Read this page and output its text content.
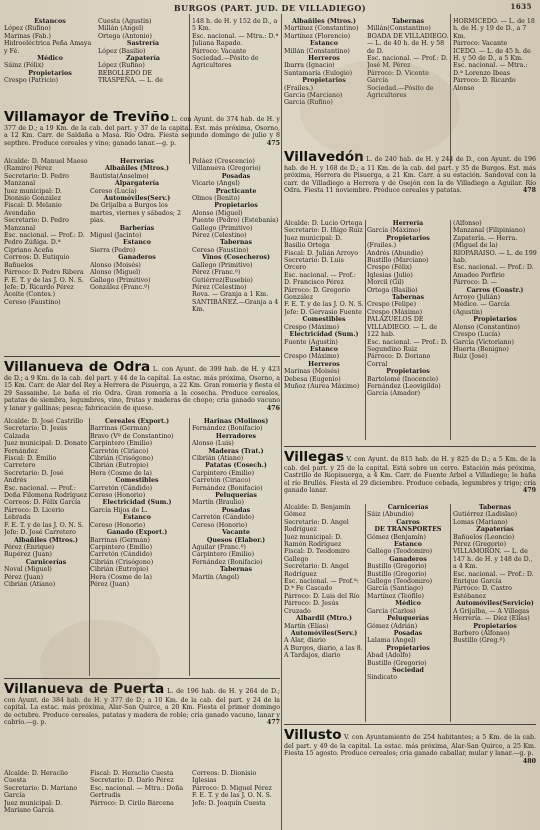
BURGOS (PART. JUD. DE VILLADIEGO)	1635
Estancos
López (Rufino)
Marinas (Fab.)
Hidroeléctrica Peña Amaya y Fé.
Médico
Sáinz (Félix)
Propietarios
Crespo (Patricio)
Cuesta (Agustín)
Millán (Angel)
Ortega (Antonio)
Sastrería
López (Basilio)
Zapatería
López (Rufino)
REBOLLEDO DE TRASPEÑA. — L. de
148 h. de H. y 152 de D., a 5 Km.
Esc. nacional. — Mtra.: D.ª Juliana Rapado.
Párroco: Vacante
Sociedad.—Pósito de Agricultores
Albañiles (Mtros.)
Martínez (Constantino)
Martínez (Florencio)
Estanco
Millán (Constantino)
Herreros
Ibarra (Ignacio)
Santamaría (Eulogio)
Propietarios
(Frailes.)
García (Marciano)
García (Rufino)
Tabernas
Millán(Constantino)
BOADA DE VILLADIEGO. — L. de 40 h. de H. y 58 de D.
Esc. nacional. — Prof.: D. José M. Pérez
Párroco: D. Vicente García
Sociedad.—Pósito de Agricultores
HORMICEDO. — L. de 18 h. de H. y 19 de D., a 7 Km.
Párroco: Vacante
ICEDO. — L. de 45 h. de H. y 50 de D., a 5 Km.
Esc. nacional. — Mtra.: D.ª Lorenzo Ibeas
Párroco: D. Ricardo Alonso
Villamayor de Treviño L. con Ayunt. de 374 hab. de H. y 377 de D.; a 19 Km. de la cab. del part. y 37 de la capital. Est. más próxima, Osorno, a 12 Km. Carr. de Saldaña a Masa. Río Odra. Fiesta segundo domingo de julio y 8 septbre. Produce cereales y vino; ganado lanar.—g. p.	475
Alcalde: D. Manuel Maeso (Ramiro) Pérez
Secretario: D. Pedro Manzanal
Juez municipal: D. Dionisio González
Fiscal: D. Melanio Avendaño
Secretario: D. Pedro Manzanal
Esc. nacional. — Prof.: D. Pedro Zúñiga. D.ª Cipriano Aceña
Correos: D. Eutiquio Bañuelos
Párroco: D. Pedro Ribera
F. E. T. y de las J. O. N. S.
Jefe: D. Ricardo Pérez
Aceite (Contes.)
Cereso (Faustino)
Herrerías
Albañiles (Mtros.)
Bautista(Anselmo)
Alpargatería
Cereso (Lucía)
Automóviles(Serv.)
De Grijalba a Burgos los martes, viernes y sábados; 2 pias.
Barberías
Miguel (Jacinto)
Estanco
Sierra (Pedro)
Ganaderos
Alonso (Moisés)
Alonso (Miguel)
Gallego (Primitivo)
González (Franc.º)
Peláez (Crescencio)
Villanueva (Gregorio)
Posadas
Vicario (Angel)
Practicante
Olmos (Benito)
Propietarios
Alonso (Miguel)
Puente (Pedro) (Estebanía)
Gallego (Primitivo)
Pérez (Celestino)
Tabernas
Cereso (Faustino)
Vinos (Cosecheros)
Gallego (Primitivo)
Pérez (Franc.º)
Gutiérrez(Eusebio)
Pérez (Celestino)
Rova. — Granja a 1 Km.
SANTIBÁÑEZ.—Granja a 4 Km.
Villavedón L. de 240 hab. de H. y 244 de D., con Ayunt. de 196 hab. de H. y 168 de D.; a 11 Km. de la cab. del part. y 35 de Burgos. Est. más próxima, Herrera de Pisuerga, a 21 Km. Carr. a su estación. Sandoval con la carr. de Villadiego a Herrera y de Osejón con la de Villadiego a Aguilar. Río Odra. Fiesta 11 noviembre. Produce cereales y patatas.	478
Alcalde: D. Lucio Ortega
Secretario: D. Iñigo Ruiz
Juez municipal: D. Basilio Ortega
Fiscal: D. Julián Arroyo
Secretario: D. Luis Orcero
Esc. nacional. — Prof.: D. Francisco Pérez
Párroco: D. Gregorio González
F. E. T. y de las J. O. N. S.
Jefe: D. Gervasio Fuente
Comestibles
Crespo (Máximo)
Electricidad (Sum.)
Fuente (Agustín)
Estanco
Crespo (Máximo)
Herreros
Marinas (Moisés)
Debesa (Eugenio)
Muñoz (Aurea Máximo)
Herrería
García (Máximo)
Propietarios
(Frailes.)
Andrés (Abundio)
Bustillo (Marciano)
Crespo (Félix)
Iglesias (Julio)
Morcil (Gil)
Ortega (Basilio)
Tabernas
Crespo (Felipe)
Crespo (Máximo)
PALAZUELOS DE VILLADIEGO. — L. de 122 hab.
Esc. nacional. — Prof.: D. Segundino Ruiz
Párroco: D. Doriano Corral
Propietarios
Bartolomé (Inocencio)
Fernández (Leovigildo)
García (Amador)
(Alfonso)
Manzanal (Filipiniano)
Zapatería. — Herra. (Miguel de la)
RIOPARAISO. — L. de 199 hab.
Esc. nacional. — Prof.: D. Amadeo Porfirio
Párroco: D. —
Carros (Constr.)
Arroyo (Julián)
Médico. — García (Agustín)
Propietarios
Alonso (Constantino)
Crespo (Lucía)
García (Victoriano)
Huerta (Benigno)
Ruiz (José)
Villanueva de Odra L. con Ayunt. de 399 hab. de H. y 423 de D.; a 9 Km. de la cab. del part. y 44 de la capital. La estac. más próxima, Osorno, a 15 Km. Carr. de Alar del Rey a Herrera de Pisuerga, a 22 Km. Gran romería y fiesta el 29 Sassambe. Le baña el río Odra. Gran romería a la cosecha. Produce cereales, patatas de siembra, legumbres, vino, frutas y maderas de chopo; cría ganado vacuno y lanar y gallinas; pesca; fabricación de queso.	476
Alcalde: D. José Castrillo
Secretario: D. Jesús Calzada
Juez municipal: D. Donato Fernández
Fiscal: D. Emilio Carretero
Secretario: D. José Andrés
Esc. nacional. — Prof.: Doña Filomena Rodríguez
Correos: D. Félix García
Párroco: D. Licerio Lebrada
F. E. T. y de las J. O. N. S.
Jefe: D. José Carretero
Albañiles (Mtros.)
Pérez (Enrique)
Rupérez (Juan)
Carnicerías
Noval (Miguel)
Pérez (Juan)
Cibrián (Atiano)
Cereales (Export.)
Barrinas (Germán)
Bravo (Vº de Constantino)
Carpintero (Emilio)
Carretón (Ciriaco)
Cibrián (Crisógono)
Cibrián (Eutropio)
Hera (Cosme de la)
Comestibles
Carretón (Cándido)
Cereso (Honorio)
Electricidad (Sum.)
García Hijos de L.
Estanco
Cereso (Honorio)
Ganado (Export.)
Barrinas (Germán)
Carpintero (Emilio)
Carretón (Cándido)
Cibrián (Crisógono)
Cibrián (Eutropio)
Hera (Cosme de la)
Pérez (Juan)
Harinas (Molinos)
Fernández (Bonifacio)
Herradores
Alonso (Luis)
Maderas (Trat.)
Cibrián (Atiano)
Patatas (Cosech.)
Carpintero (Emilio)
Carretón (Ciriaco)
Fernández (Bonifacio)
Peluquerías
Martín (Braulio)
Posadas
Carretón (Cándido)
Cereso (Honorio)
Vacante
Quesos (Elabor.)
Aguilar (Franc.º)
Carpintero (Emilio)
Fernández (Bonifacio)
Tabernas
Martín (Angel)
Villegas V. con Ayunt. de 815 hab. de H. y 825 de D.; a 5 Km. de la cab. del part. y 25 de la capital. Está sobre un cerro. Estación más próxima, Castrillo de Riopisuerga, a 4 Km. Carr. de Fuente Arbol a Villadiego; le baña el río Brullés. Fiesta el 29 diciembre. Produce cebada, legumbres y trigo; cría ganado lanar.	479
Alcalde: D. Benjamín Gómez
Secretario: D. Angel Rodríguez
Juez municipal: D. Ramón Rodríguez
Fiscal: D. Teodomiro Gallego
Secretario: D. Angel Rodríguez
Esc. nacional. — Prof.ª: D.ª Fe Cascado
Párroco: D. Luis del Río
Párroco: D. Jesús Cruzado
Albardil (Mtro.)
Martín (Elías)
Automóviles(Serv.)
A Alar, diario
A Burgos, diario, a las 8.
A Tardajos, diario
Carnicerías
Sáiz (Abundio)
Carros
DE TRANSPORTES
Gómez (Benjamín)
Estanco
Gallego (Teodomiro)
Ganaderos
Bustillo (Gregorio)
Bustillo (Gregorio)
Gallego (Teodomiro)
García (Santiago)
Martínez (Teófilo)
Médico
García (Carlos)
Peluquerías
Gómez (Adrián)
Posadas
Lalama (Angel)
Propietarios
Abad (Adolfo)
Bustillo (Gregorio)
Sociedad
Sindicato
Tabernas
Gutiérrez (Ladislao)
Lomas (Mariano)
Zapaterías
Bañuelos (Leoncio)
Pérez (Gregorio)
VILLAMORÓN. — L. de 147 h. de H. y 148 de D., a 4 Km.
Esc. nacional. — Prof.: D. Enrique García
Párroco: D. Castro Estébanez
Automóviles(Servicio)
A Grijalba, — A Villegas
Herrería. — Díez (Elías)
Propietarios
Barbero (Alfonso)
Bustillo (Greg.º)
Villanueva de Puerta L. de 196 hab. de H. y 264 de D.; con Ayunt. de 384 hab. de H. y 377 de D.; a 10 Km. de la cab. del part. y 24 de la capital. La estac. más próxima, Alar-San Quirce, a 20 Km. Fiesta el primer domingo de octubre. Produce cereales, patatas y madera de roble; cría ganado vacuno, lanar y cabrío.—g. p.	477
Alcalde: D. Heraclio Cuesta
Secretario: D. Mariano García
Juez municipal: D. Mariano García
Fiscal: D. Heraclio Cuesta
Secretario: D. Darío Pérez
Esc. nacional. — Mtra.: Doña Gertrudis
Párroco: D. Cirilo Bárcena
Correos: D. Dionisio Iglesias
Párroco: D. Miguel Pérez
F. E. T. y de las J. O. N. S.
Jefe: D. Joaquín Cuesta
Villusto V. con Ayuntamiento de 254 habitantes; a 5 Km. de la cab. del part. y 49 de la capital. La estac. más próxima, Alar-San Quirce, a 25 Km. Fiesta 15 agosto. Produce cereales; cría ganado caballar, mular y lanar.—g. p.
480
